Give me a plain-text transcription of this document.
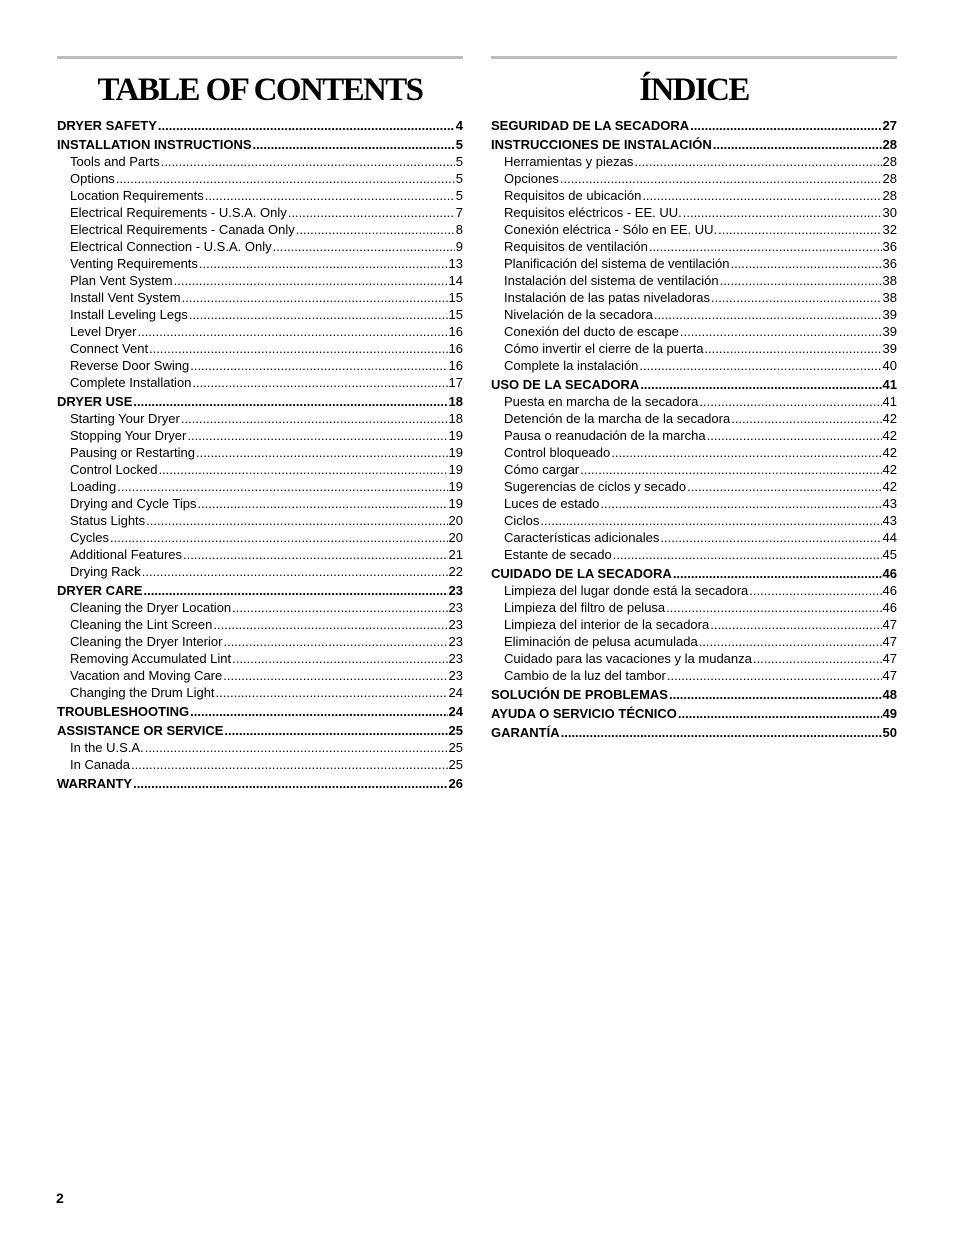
TABLE OF CONTENTS
DRYER SAFETY .....	4
INSTALLATION INSTRUCTIONS .....	5
Tools and Parts .....	5
Options .....	5
Location Requirements .....	5
Electrical Requirements - U.S.A. Only .....	7
Electrical Requirements - Canada Only .....	8
Electrical Connection - U.S.A. Only .....	9
Venting Requirements .....	13
Plan Vent System .....	14
Install Vent System .....	15
Install Leveling Legs .....	15
Level Dryer .....	16
Connect Vent .....	16
Reverse Door Swing .....	16
Complete Installation .....	17
DRYER USE .....	18
Starting Your Dryer .....	18
Stopping Your Dryer .....	19
Pausing or Restarting .....	19
Control Locked .....	19
Loading .....	19
Drying and Cycle Tips .....	19
Status Lights .....	20
Cycles .....	20
Additional Features .....	21
Drying Rack .....	22
DRYER CARE .....	23
Cleaning the Dryer Location .....	23
Cleaning the Lint Screen .....	23
Cleaning the Dryer Interior .....	23
Removing Accumulated Lint .....	23
Vacation and Moving Care .....	23
Changing the Drum Light .....	24
TROUBLESHOOTING .....	24
ASSISTANCE OR SERVICE .....	25
In the U.S.A. .....	25
In Canada .....	25
WARRANTY .....	26
ÍNDICE
SEGURIDAD DE LA SECADORA .....	27
INSTRUCCIONES DE INSTALACIÓN .....	28
Herramientas y piezas .....	28
Opciones .....	28
Requisitos de ubicación .....	28
Requisitos eléctricos - EE. UU. .....	30
Conexión eléctrica - Sólo en EE. UU. .....	32
Requisitos de ventilación .....	36
Planificación del sistema de ventilación .....	36
Instalación del sistema de ventilación .....	38
Instalación de las patas niveladoras .....	38
Nivelación de la secadora .....	39
Conexión del ducto de escape .....	39
Cómo invertir el cierre de la puerta .....	39
Complete la instalación .....	40
USO DE LA SECADORA .....	41
Puesta en marcha de la secadora .....	41
Detención de la marcha de la secadora .....	42
Pausa o reanudación de la marcha .....	42
Control bloqueado .....	42
Cómo cargar .....	42
Sugerencias de ciclos y secado .....	42
Luces de estado .....	43
Ciclos .....	43
Características adicionales .....	44
Estante de secado .....	45
CUIDADO DE LA SECADORA .....	46
Limpieza del lugar donde está la secadora .....	46
Limpieza del filtro de pelusa .....	46
Limpieza del interior de la secadora .....	47
Eliminación de pelusa acumulada .....	47
Cuidado para las vacaciones y la mudanza .....	47
Cambio de la luz del tambor .....	47
SOLUCIÓN DE PROBLEMAS .....	48
AYUDA O SERVICIO TÉCNICO .....	49
GARANTÍA .....	50
2
